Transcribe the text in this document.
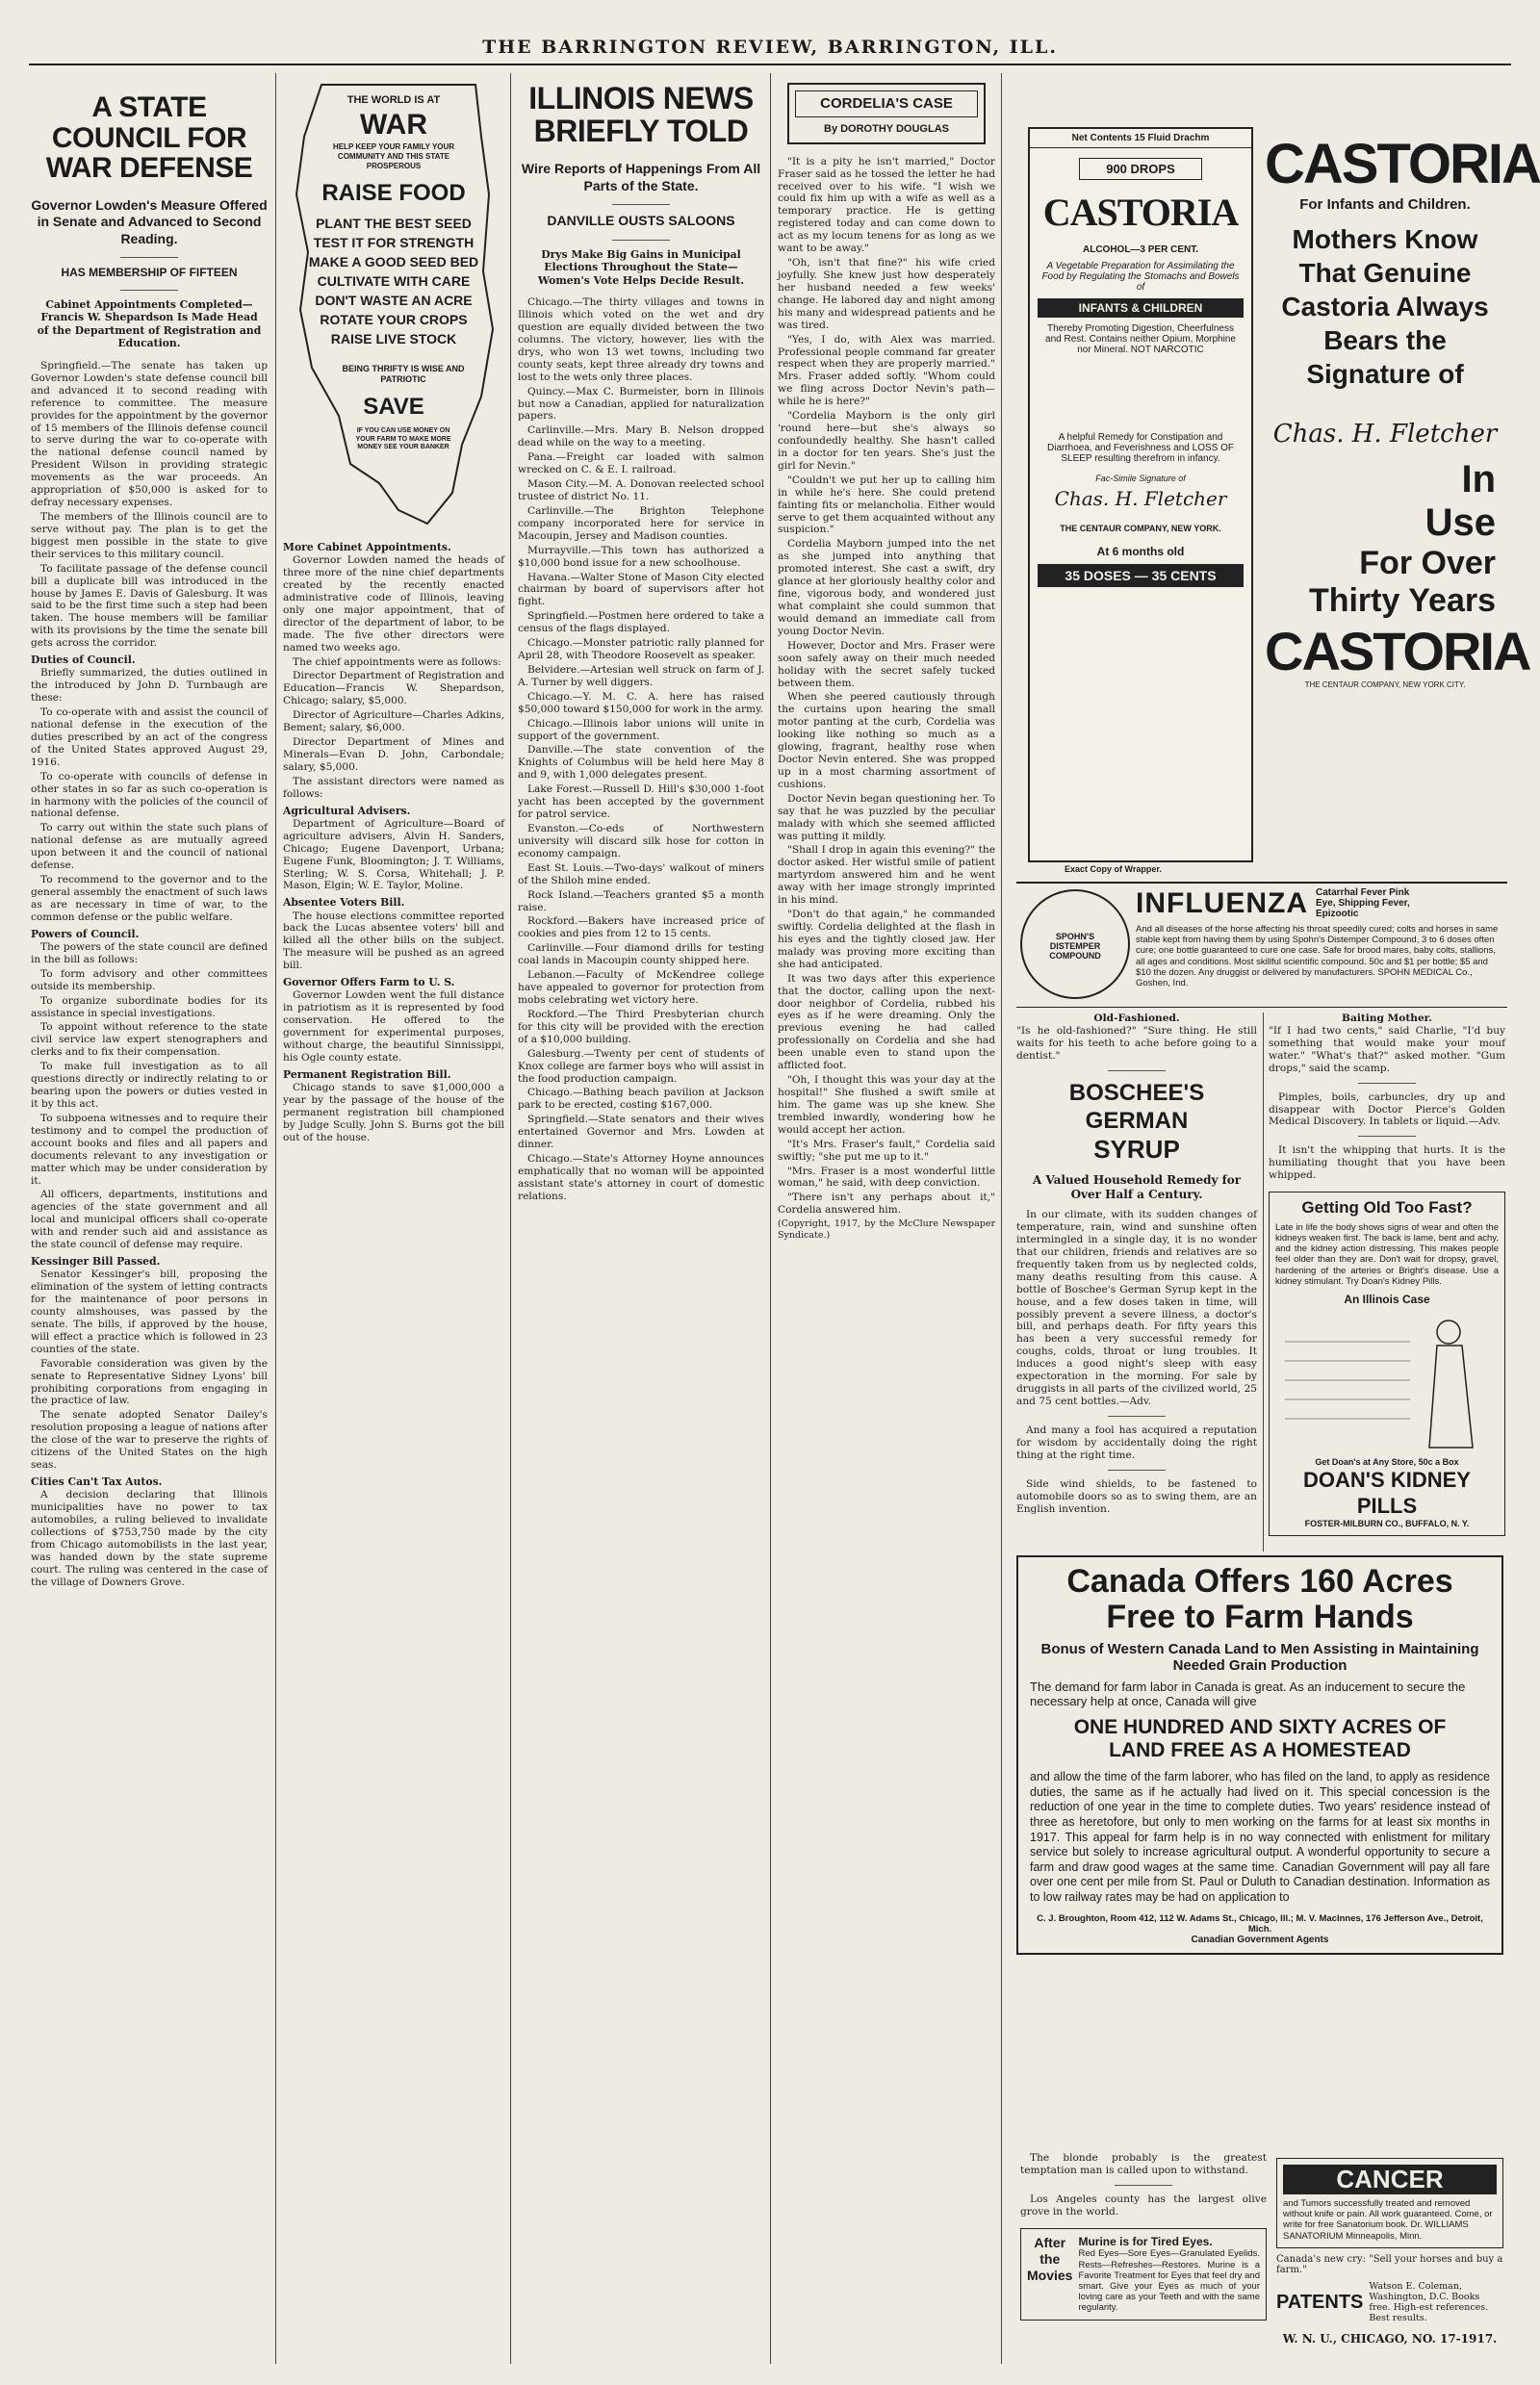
THE BARRINGTON REVIEW, BARRINGTON, ILL.
A STATE COUNCIL FOR WAR DEFENSE
Governor Lowden's Measure Offered in Senate and Advanced to Second Reading.
HAS MEMBERSHIP OF FIFTEEN
Cabinet Appointments Completed—Francis W. Shepardson Is Made Head of the Department of Registration and Education.

Springfield.—The senate has taken up Governor Lowden's state defense council bill and advanced it to second reading with reference to committee. The measure provides for the appointment by the governor of 15 members of the Illinois defense council to serve during the war to co-operate with the national defense council named by President Wilson in providing strategic movements as the war proceeds. An appropriation of $50,000 is asked for to defray necessary expenses.

The members of the Illinois council are to serve without pay. The plan is to get the biggest men possible in the state to give their services to this military council.

To facilitate passage of the defense council bill a duplicate bill was introduced in the house by James E. Davis of Galesburg. It was said to be the first time such a step had been taken. The house members will be familiar with its provisions by the time the senate bill gets across the corridor.

Duties of Council.

Briefly summarized, the duties outlined in the introduced by John D. Turnbaugh are these:

To co-operate with and assist the council of national defense in the execution of the duties prescribed by an act of the congress of the United States approved August 29, 1916.

To co-operate with councils of defense in other states in so far as such co-operation is in harmony with the policies of the council of national defense.

To carry out within the state such plans of national defense as are mutually agreed upon between it and the council of national defense.

To recommend to the governor and to the general assembly the enactment of such laws as are necessary in time of war, to the common defense or the public welfare.

Powers of Council.

The powers of the state council are defined in the bill as follows:

To form advisory and other committees outside its membership.

To organize subordinate bodies for its assistance in special investigations.

To appoint without reference to the state civil service law expert stenographers and clerks and to fix their compensation.

To make full investigation as to all questions directly or indirectly relating to or bearing upon the powers or duties vested in it by this act.

To subpoena witnesses and to require their testimony and to compel the production of account books and files and all papers and documents relevant to any investigation or matter which may be under consideration by it.

All officers, departments, institutions and agencies of the state government and all local and municipal officers shall co-operate with and render such aid and assistance as the state council of defense may require.

Kessinger Bill Passed.

Senator Kessinger's bill, proposing the elimination of the system of letting contracts for the maintenance of poor persons in county almshouses, was passed by the senate. The bills, if approved by the house, will effect a practice which is followed in 23 counties of the state.

Favorable consideration was given by the senate to Representative Sidney Lyons' bill prohibiting corporations from engaging in the practice of law.

The senate adopted Senator Dailey's resolution proposing a league of nations after the close of the war to preserve the rights of citizens of the United States on the high seas.

Cities Can't Tax Autos.

A decision declaring that Illinois municipalities have no power to tax automobiles, a ruling believed to invalidate collections of $753,750 made by the city from Chicago automobilists in the last year, was handed down by the state supreme court. The ruling was centered in the case of the village of Downers Grove.

THE WORLD IS AT
WAR
HELP KEEP YOUR FAMILY YOUR COMMUNITY AND THIS STATE PROSPEROUS
RAISE FOOD
PLANT THE BEST SEED
TEST IT FOR STRENGTH
MAKE A GOOD SEED BED
CULTIVATE WITH CARE
DON'T WASTE AN ACRE
ROTATE YOUR CROPS
RAISE LIVE STOCK
BEING THRIFTY IS WISE AND PATRIOTIC
SAVE
IF YOU CAN USE MONEY ON YOUR FARM TO MAKE MORE MONEY SEE YOUR BANKER

More Cabinet Appointments.

Governor Lowden named the heads of three more of the nine chief departments created by the recently enacted administrative code of Illinois, leaving only one major appointment, that of director of the department of labor, to be made. The five other directors were named two weeks ago.

The chief appointments were as follows:

Director Department of Registration and Education—Francis W. Shepardson, Chicago; salary, $5,000.

Director of Agriculture—Charles Adkins, Bement; salary, $6,000.

Director Department of Mines and Minerals—Evan D. John, Carbondale; salary, $5,000.

The assistant directors were named as follows:

Agricultural Advisers.

Department of Agriculture—Board of agriculture advisers, Alvin H. Sanders, Chicago; Eugene Davenport, Urbana; Eugene Funk, Bloomington; J. T. Williams, Sterling; W. S. Corsa, Whitehall; J. P. Mason, Elgin; W. E. Taylor, Moline.

Absentee Voters Bill.

The house elections committee reported back the Lucas absentee voters' bill and killed all the other bills on the subject. The measure will be pushed as an agreed bill.

Governor Offers Farm to U. S.

Governor Lowden went the full distance in patriotism as it is represented by food conservation. He offered to the government for experimental purposes, without charge, the beautiful Sinnissippi, his Ogle county estate.

Permanent Registration Bill.

Chicago stands to save $1,000,000 a year by the passage of the house of the permanent registration bill championed by Judge Scully. John S. Burns got the bill out of the house.

ILLINOIS NEWS BRIEFLY TOLD
Wire Reports of Happenings From All Parts of the State.
DANVILLE OUSTS SALOONS
Drys Make Big Gains in Municipal Elections Throughout the State—Women's Vote Helps Decide Result.

Chicago.—The thirty villages and towns in Illinois which voted on the wet and dry question are equally divided between the two columns. The victory, however, lies with the drys, who won 13 wet towns, including two county seats, kept three already dry towns and lost to the wets only three places.

Quincy.—Max C. Burmeister, born in Illinois but now a Canadian, applied for naturalization papers.

Carlinville.—Mrs. Mary B. Nelson dropped dead while on the way to a meeting.

Pana.—Freight car loaded with salmon wrecked on C. & E. I. railroad.

Mason City.—M. A. Donovan reelected school trustee of district No. 11.

Carlinville.—The Brighton Telephone company incorporated here for service in Macoupin, Jersey and Madison counties.

Murrayville.—This town has authorized a $10,000 bond issue for a new schoolhouse.

Havana.—Walter Stone of Mason City elected chairman by board of supervisors after hot fight.

Springfield.—Postmen here ordered to take a census of the flags displayed.

Chicago.—Monster patriotic rally planned for April 28, with Theodore Roosevelt as speaker.

Belvidere.—Artesian well struck on farm of J. A. Turner by well diggers.

Chicago.—Y. M. C. A. here has raised $50,000 toward $150,000 for work in the army.

Chicago.—Illinois labor unions will unite in support of the government.

Danville.—The state convention of the Knights of Columbus will be held here May 8 and 9, with 1,000 delegates present.

Lake Forest.—Russell D. Hill's $30,000 1-foot yacht has been accepted by the government for patrol service.

Evanston.—Co-eds of Northwestern university will discard silk hose for cotton in economy campaign.

East St. Louis.—Two-days' walkout of miners of the Shiloh mine ended.

Rock Island.—Teachers granted $5 a month raise.

Rockford.—Bakers have increased price of cookies and pies from 12 to 15 cents.

Carlinville.—Four diamond drills for testing coal lands in Macoupin county shipped here.

Lebanon.—Faculty of McKendree college have appealed to governor for protection from mobs celebrating wet victory here.

Rockford.—The Third Presbyterian church for this city will be provided with the erection of a $10,000 building.

Galesburg.—Twenty per cent of students of Knox college are farmer boys who will assist in the food production campaign.

Chicago.—Bathing beach pavilion at Jackson park to be erected, costing $167,000.

Springfield.—State senators and their wives entertained Governor and Mrs. Lowden at dinner.

Chicago.—State's Attorney Hoyne announces emphatically that no woman will be appointed assistant state's attorney in court of domestic relations.

CORDELIA'S CASE
By DOROTHY DOUGLAS

"It is a pity he isn't married," Doctor Fraser said as he tossed the letter he had received over to his wife. "I wish we could fix him up with a wife as well as a temporary practice. He is getting registered today and can come down to act as my locum tenens for as long as we want to be away."

"Oh, isn't that fine?" his wife cried joyfully. She knew just how desperately her husband needed a few weeks' change. He labored day and night among his many and widespread patients and he was tired.

"Yes, I do, with Alex was married. Professional people command far greater respect when they are properly married." Mrs. Fraser added softly. "Whom could we fling across Doctor Nevin's path—while he is here?"

"Cordelia Mayborn is the only girl 'round here—but she's always so confoundedly healthy. She hasn't called in a doctor for ten years. She's just the girl for Nevin."

"Couldn't we put her up to calling him in while he's here. She could pretend fainting fits or melancholia. Either would serve to get them acquainted without any suspicion."

Cordelia Mayborn jumped into the net as she jumped into anything that promoted interest. She cast a swift, dry glance at her gloriously healthy color and fine, vigorous body, and wondered just what complaint she could summon that would demand an immediate call from young Doctor Nevin.

However, Doctor and Mrs. Fraser were soon safely away on their much needed holiday with the secret safely tucked between them.

When she peered cautiously through the curtains upon hearing the small motor panting at the curb, Cordelia was looking like nothing so much as a glowing, fragrant, healthy rose when Doctor Nevin entered. She was propped up in a most charming assortment of cushions.

Doctor Nevin began questioning her. To say that he was puzzled by the peculiar malady with which she seemed afflicted was putting it mildly.

"Shall I drop in again this evening?" the doctor asked. Her wistful smile of patient martyrdom answered him and he went away with her image strongly imprinted in his mind.

"Don't do that again," he commanded swiftly. Cordelia delighted at the flash in his eyes and the tightly closed jaw. Her malady was proving more exciting than she had anticipated.

It was two days after this experience that the doctor, calling upon the next-door neighbor of Cordelia, rubbed his eyes as if he were dreaming. Only the previous evening he had called professionally on Cordelia and she had been unable even to stand upon the afflicted foot.

"Oh, I thought this was your day at the hospital!" She flushed a swift smile at him. The game was up she knew. She trembled inwardly, wondering how he would accept her action.

"It's Mrs. Fraser's fault," Cordelia said swiftly; "she put me up to it."

"Mrs. Fraser is a most wonderful little woman," he said, with deep conviction.

"There isn't any perhaps about it," Cordelia answered him.

(Copyright, 1917, by the McClure Newspaper Syndicate.)

Net Contents 15 Fluid Drachm
900 DROPS
CASTORIA
ALCOHOL—3 PER CENT.
A Vegetable Preparation for Assimilating the Food by Regulating the Stomachs and Bowels of
INFANTS & CHILDREN
Thereby Promoting Digestion, Cheerfulness and Rest. Contains neither Opium, Morphine nor Mineral. NOT NARCOTIC
A helpful Remedy for Constipation and Diarrhoea, and Feverishness and LOSS OF SLEEP resulting therefrom in infancy.
Fac-Simile Signature of
Chas. H. Fletcher
THE CENTAUR COMPANY, NEW YORK.
At 6 months old
35 DOSES — 35 CENTS
Exact Copy of Wrapper.
CASTORIA
For Infants and Children.
Mothers Know That Genuine Castoria Always Bears the Signature of
Chas. H. Fletcher
In
Use
For Over
Thirty Years
CASTORIA
THE CENTAUR COMPANY, NEW YORK CITY.
SPOHN'S DISTEMPER COMPOUND
INFLUENZA Catarrhal Fever Pink Eye, Shipping Fever, Epizootic
And all diseases of the horse affecting his throat speedily cured; colts and horses in same stable kept from having them by using Spohn's Distemper Compound, 3 to 6 doses often cure; one bottle guaranteed to cure one case. Safe for brood mares, baby colts, stallions, all ages and conditions. Most skillful scientific compound. 50c and $1 per bottle; $5 and $10 the dozen. Any druggist or delivered by manufacturers. SPOHN MEDICAL Co., Goshen, Ind.
Old-Fashioned.
"Is he old-fashioned?" "Sure thing. He still waits for his teeth to ache before going to a dentist."
BOSCHEE'S GERMAN
SYRUP
A Valued Household Remedy for Over Half a Century.
In our climate, with its sudden changes of temperature, rain, wind and sunshine often intermingled in a single day, it is no wonder that our children, friends and relatives are so frequently taken from us by neglected colds, many deaths resulting from this cause. A bottle of Boschee's German Syrup kept in the house, and a few doses taken in time, will possibly prevent a severe illness, a doctor's bill, and perhaps death. For fifty years this has been a very successful remedy for coughs, colds, throat or lung troubles. It induces a good night's sleep with easy expectoration in the morning. For sale by druggists in all parts of the civilized world, 25 and 75 cent bottles.—Adv.
And many a fool has acquired a reputation for wisdom by accidentally doing the right thing at the right time.
Side wind shields, to be fastened to automobile doors so as to swing them, are an English invention.
Baiting Mother.
"If I had two cents," said Charlie, "I'd buy something that would make your mouf water." "What's that?" asked mother. "Gum drops," said the scamp.
Pimples, boils, carbuncles, dry up and disappear with Doctor Pierce's Golden Medical Discovery. In tablets or liquid.—Adv.
It isn't the whipping that hurts. It is the humiliating thought that you have been whipped.
Getting Old Too Fast?
Late in life the body shows signs of wear and often the kidneys weaken first. The back is lame, bent and achy, and the kidney action distressing. This makes people feel older than they are. Don't wait for dropsy, gravel, hardening of the arteries or Bright's disease. Use a kidney stimulant. Try Doan's Kidney Pills.
An Illinois Case
Get Doan's at Any Store, 50c a Box
DOAN'S KIDNEY PILLS
FOSTER-MILBURN CO., BUFFALO, N. Y.
Canada Offers 160 Acres
Free to Farm Hands
Bonus of Western Canada Land to Men Assisting in Maintaining Needed Grain Production
The demand for farm labor in Canada is great. As an inducement to secure the necessary help at once, Canada will give
ONE HUNDRED AND SIXTY ACRES OF
LAND FREE AS A HOMESTEAD
and allow the time of the farm laborer, who has filed on the land, to apply as residence duties, the same as if he actually had lived on it. This special concession is the reduction of one year in the time to complete duties. Two years' residence instead of three as heretofore, but only to men working on the farms for at least six months in 1917. This appeal for farm help is in no way connected with enlistment for military service but solely to increase agricultural output. A wonderful opportunity to secure a farm and draw good wages at the same time. Canadian Government will pay all fare over one cent per mile from St. Paul or Duluth to Canadian destination. Information as to low railway rates may be had on application to
C. J. Broughton, Room 412, 112 W. Adams St., Chicago, Ill.; M. V. MacInnes, 176 Jefferson Ave., Detroit, Mich.
Canadian Government Agents
The blonde probably is the greatest temptation man is called upon to withstand.
Los Angeles county has the largest olive grove in the world.
After the Movies
Murine is for Tired Eyes.
Red Eyes—Sore Eyes—Granulated Eyelids. Rests—Refreshes—Restores. Murine is a Favorite Treatment for Eyes that feel dry and smart. Give your Eyes as much of your loving care as your Teeth and with the same regularity.
CANCER
and Tumors successfully treated and removed without knife or pain. All work guaranteed. Come, or write for free Sanatorium book. Dr. WILLIAMS SANATORIUM Minneapolis, Minn.
Canada's new cry: "Sell your horses and buy a farm."
PATENTS
Watson E. Coleman, Washington, D.C. Books free. High-est references. Best results.
W. N. U., CHICAGO, NO. 17-1917.
